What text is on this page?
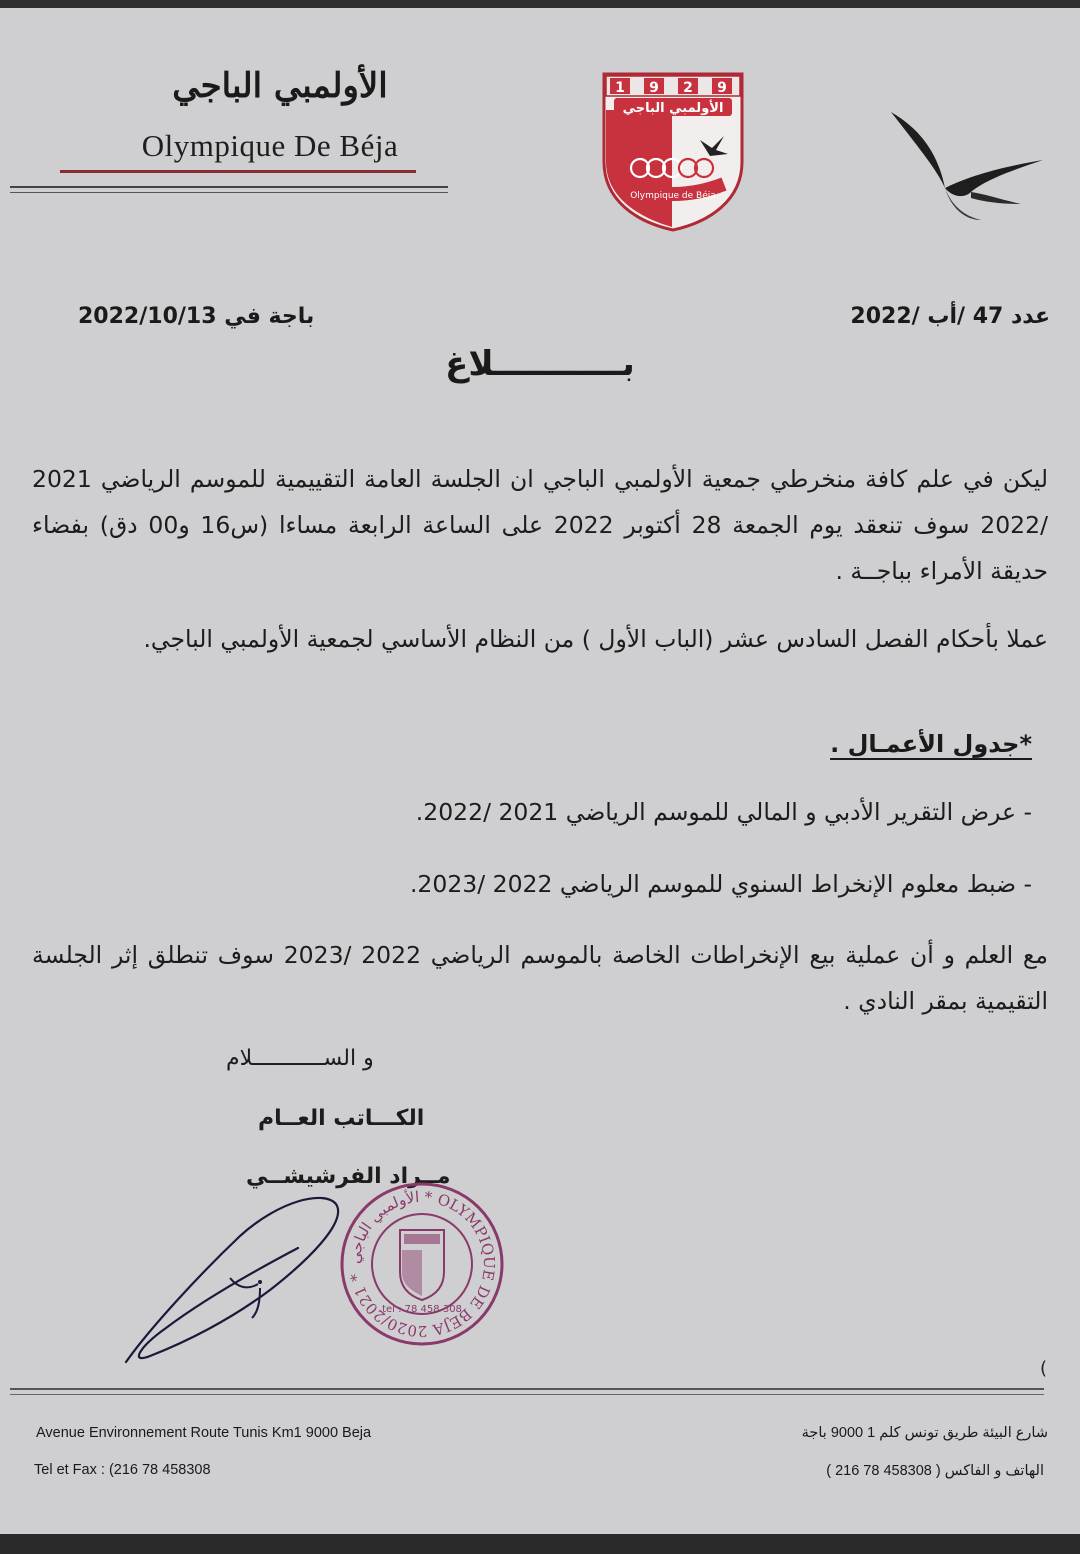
الأولمبي الباجي
Olympique De Béja
1 9 2 9
الأولمبي الباجي
Olympique de Béja
عدد 47 /أب /2022
باجة في 2022/10/13
بـــــــــــلاغ
ليكن في علم كافة منخرطي جمعية الأولمبي الباجي ان الجلسة العامة التقييمية للموسم الرياضي 2021 /2022 سوف تنعقد يوم الجمعة 28 أكتوبر 2022 على الساعة الرابعة مساءا (س16 و00 دق) بفضاء حديقة الأمراء بباجــة .
عملا بأحكام الفصل السادس عشر (الباب الأول ) من النظام الأساسي لجمعية الأولمبي الباجي.
*جدول الأعمـال .
- عرض التقرير الأدبي و المالي للموسم الرياضي 2021 /2022.
- ضبط معلوم الإنخراط السنوي للموسم الرياضي 2022 /2023.
مع العلم و أن عملية بيع الإنخراطات الخاصة بالموسم الرياضي 2022 /2023 سوف تنطلق إثر الجلسة التقيمية بمقر النادي .
و الســـــــــــلام
الكـــاتب العــام
مــراد الفرشيشــي
الأولمبي الباجي * OLYMPIQUE DE BEJA 2020/2021 *
tel : 78 458 308
(
Avenue Environnement Route Tunis Km1 9000 Beja
Tel et Fax : (216 78 458308
شارع البيئة طريق تونس كلم 1 9000 باجة
الهاتف و الفاكس ( 458308 78 216 )
